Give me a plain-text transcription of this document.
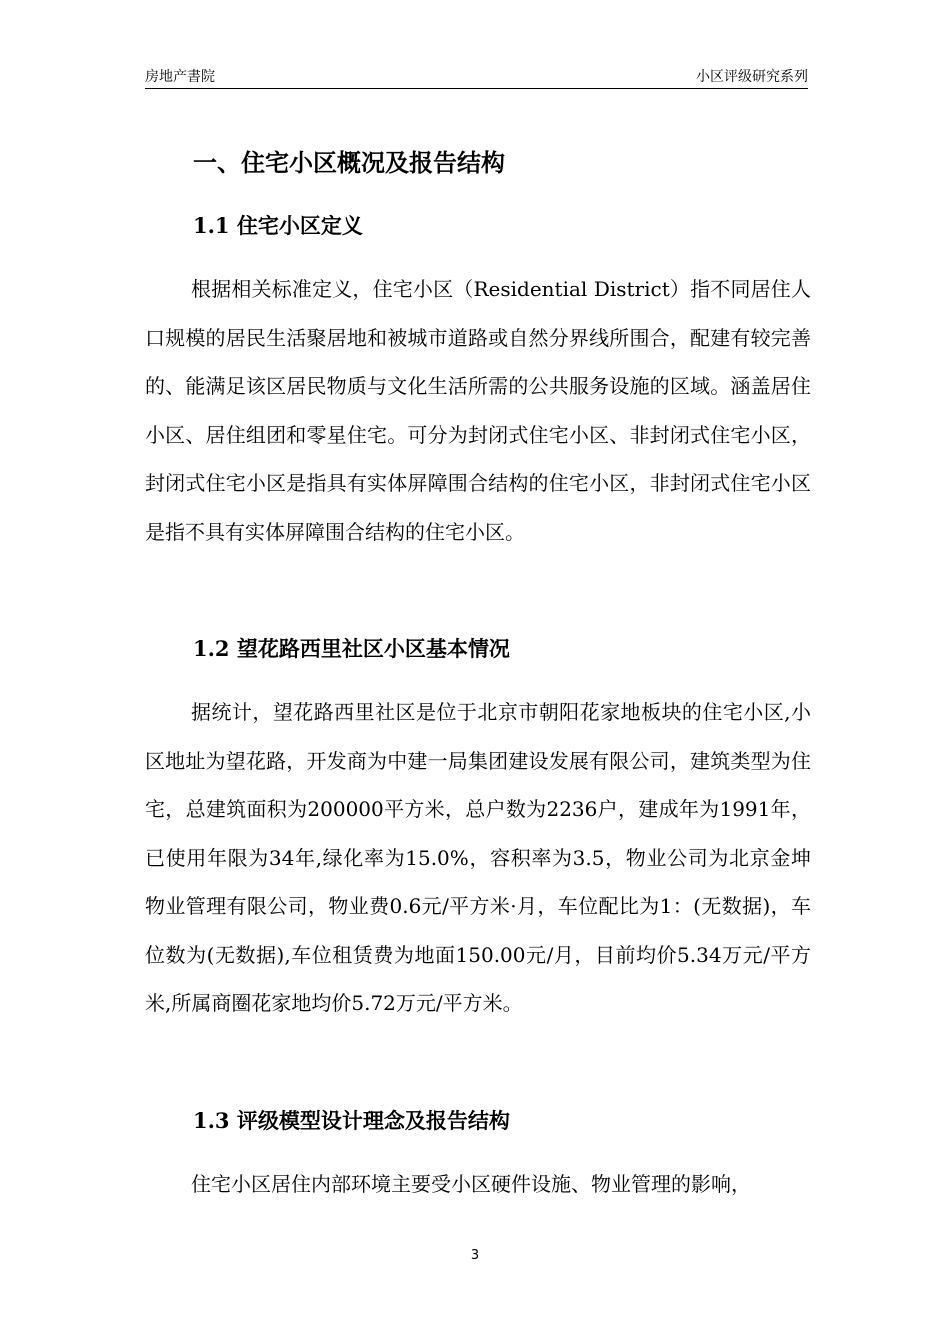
房地产書院	小区评级研究系列
一、住宅小区概况及报告结构
1.1 住宅小区定义

根据相关标准定义，住宅小区（Residential District）指不同居住人口规模的居民生活聚居地和被城市道路或自然分界线所围合，配建有较完善的、能满足该区居民物质与文化生活所需的公共服务设施的区域。涵盖居住小区、居住组团和零星住宅。可分为封闭式住宅小区、非封闭式住宅小区，封闭式住宅小区是指具有实体屏障围合结构的住宅小区，非封闭式住宅小区是指不具有实体屏障围合结构的住宅小区。

1.2 望花路西里社区小区基本情况

据统计，望花路西里社区是位于北京市朝阳花家地板块的住宅小区,小区地址为望花路，开发商为中建一局集团建设发展有限公司，建筑类型为住宅，总建筑面积为200000平方米，总户数为2236户，建成年为1991年，已使用年限为34年,绿化率为15.0%，容积率为3.5，物业公司为北京金坤物业管理有限公司，物业费0.6元/平方米·月，车位配比为1：(无数据)，车位数为(无数据),车位租赁费为地面150.00元/月，目前均价5.34万元/平方米,所属商圈花家地均价5.72万元/平方米。

1.3 评级模型设计理念及报告结构

住宅小区居住内部环境主要受小区硬件设施、物业管理的影响，

3
